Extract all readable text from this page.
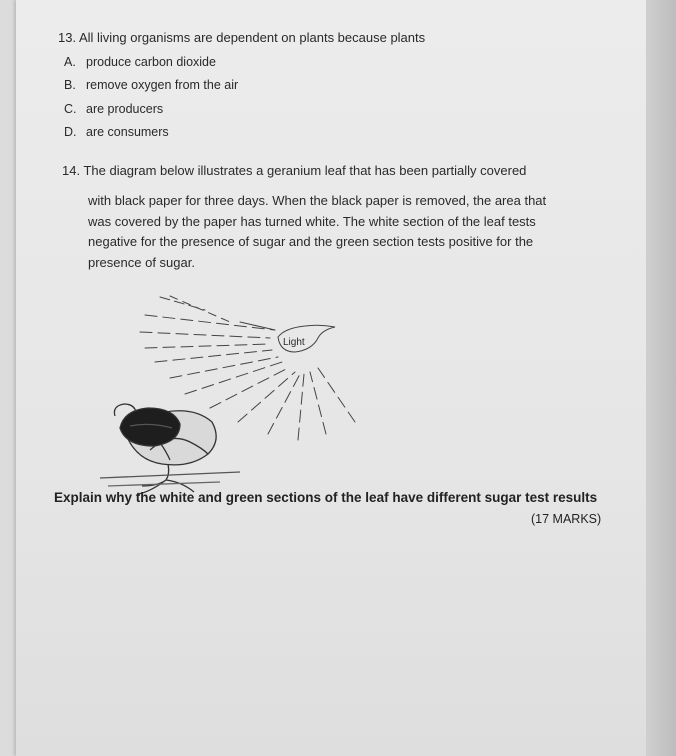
13. All living organisms are dependent on plants because plants
A. produce carbon dioxide
B. remove oxygen from the air
C. are producers
D. are consumers
14. The diagram below illustrates a geranium leaf that has been partially covered
with black paper for three days. When the black paper is removed, the area that
was covered by the paper has turned white. The white section of the leaf tests
negative for the presence of sugar and the green section tests positive for the
presence of sugar.
Light
Explain why the white and green sections of the leaf have different sugar test results
(17 MARKS)
